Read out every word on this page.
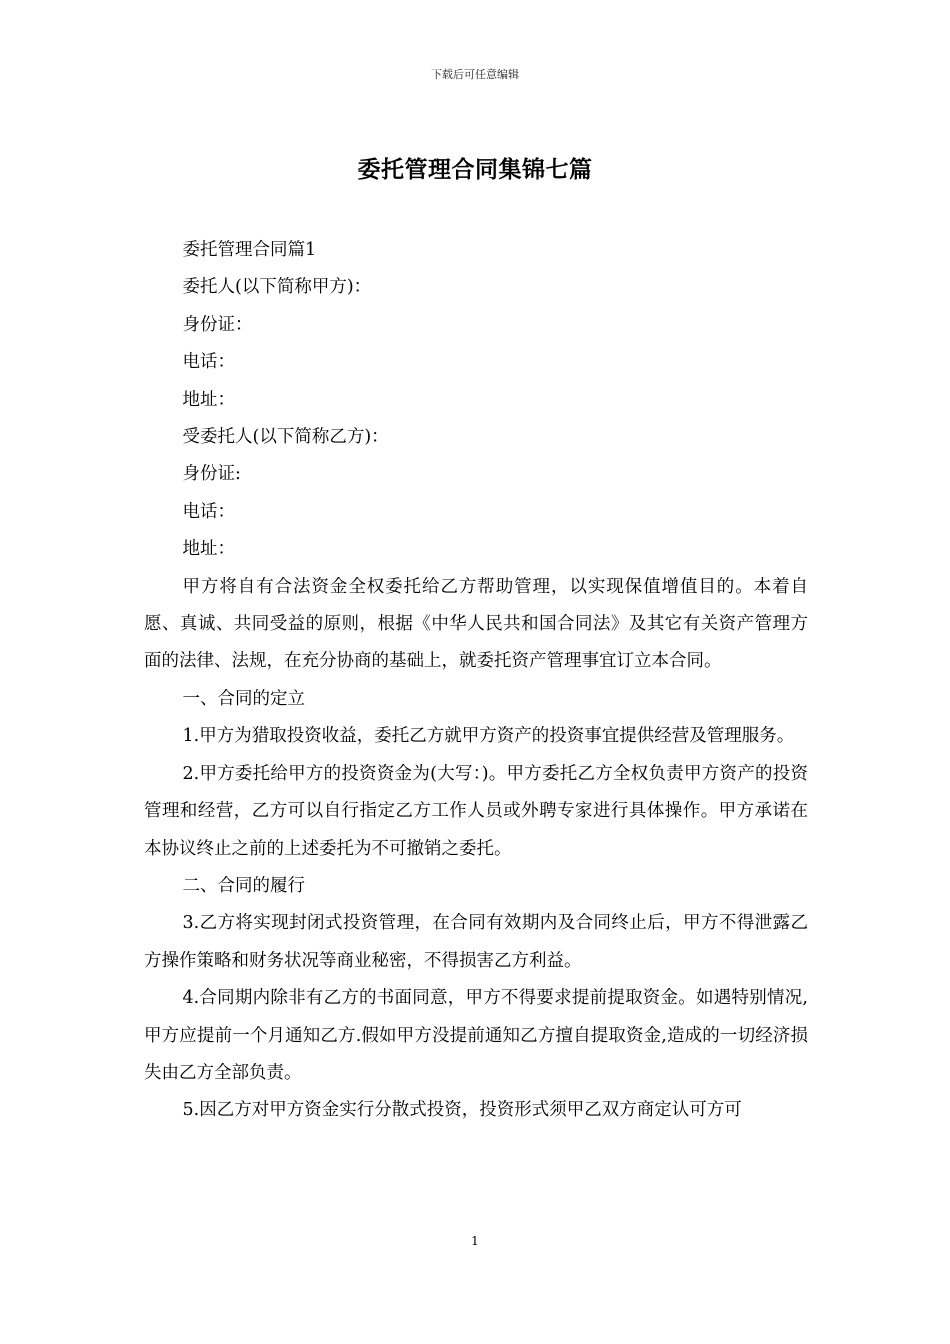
下载后可任意编辑
委托管理合同集锦七篇

委托管理合同篇1

委托人(以下简称甲方)：

身份证：

电话：

地址：

受委托人(以下简称乙方)：

身份证:

电话：

地址：

甲方将自有合法资金全权委托给乙方帮助管理，以实现保值增值目的。本着自愿、真诚、共同受益的原则，根据《中华人民共和国合同法》及其它有关资产管理方面的法律、法规，在充分协商的基础上，就委托资产管理事宜订立本合同。

一、合同的定立

1.甲方为猎取投资收益，委托乙方就甲方资产的投资事宜提供经营及管理服务。

2.甲方委托给甲方的投资资金为(大写：)。甲方委托乙方全权负责甲方资产的投资管理和经营，乙方可以自行指定乙方工作人员或外聘专家进行具体操作。甲方承诺在本协议终止之前的上述委托为不可撤销之委托。

二、合同的履行

3.乙方将实现封闭式投资管理，在合同有效期内及合同终止后，甲方不得泄露乙方操作策略和财务状况等商业秘密，不得损害乙方利益。

4.合同期内除非有乙方的书面同意，甲方不得要求提前提取资金。如遇特别情况,甲方应提前一个月通知乙方.假如甲方没提前通知乙方擅自提取资金,造成的一切经济损失由乙方全部负责。

5.因乙方对甲方资金实行分散式投资，投资形式须甲乙双方商定认可方可

1
